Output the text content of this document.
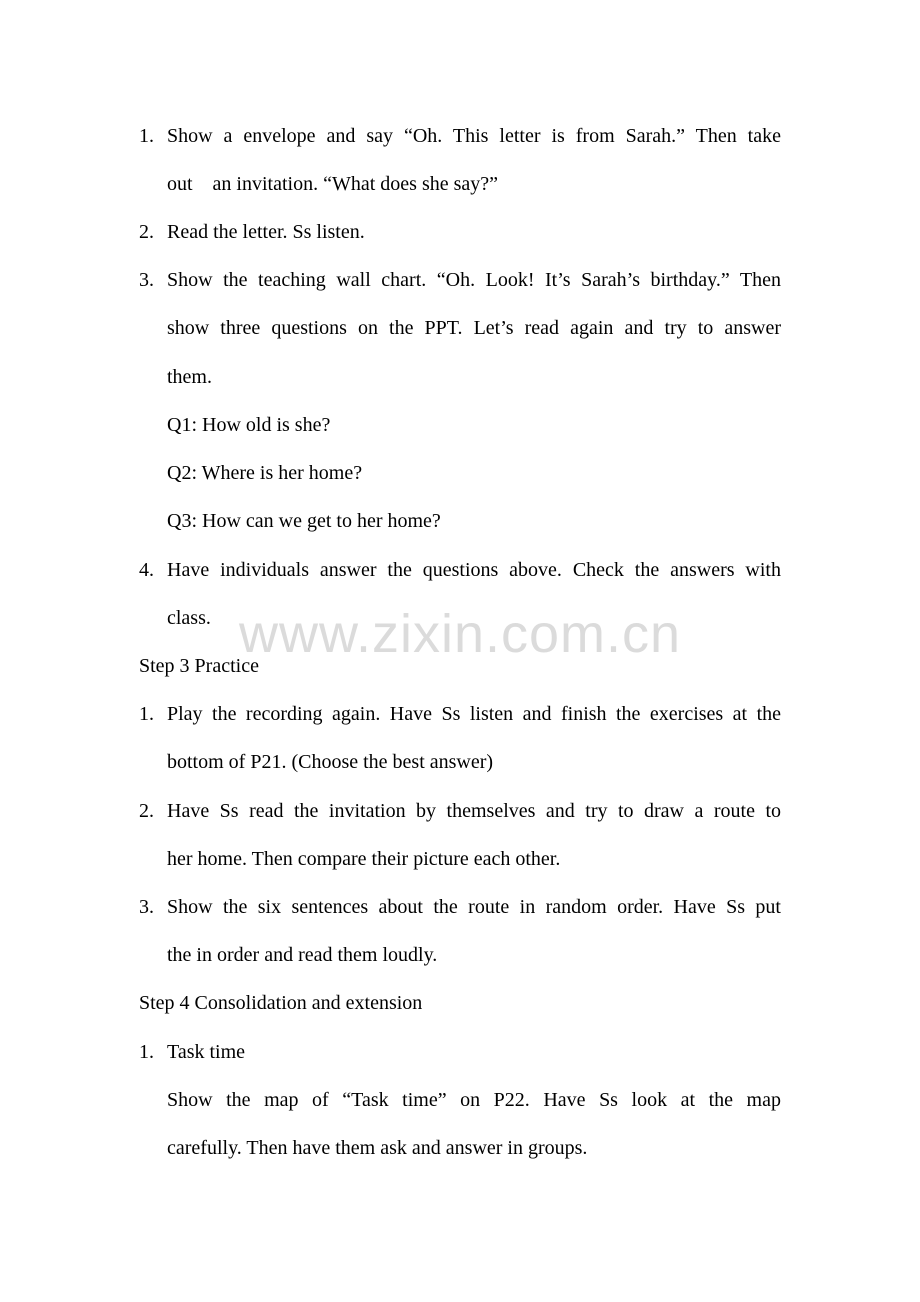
1. Show a envelope and say “Oh. This letter is from Sarah.” Then take
out    an invitation. “What does she say?”
2. Read the letter. Ss listen.
3. Show the teaching wall chart. “Oh. Look! It’s Sarah’s birthday.” Then
show three questions on the PPT. Let’s read again and try to answer
them.
Q1: How old is she?
Q2: Where is her home?
Q3: How can we get to her home?
4. Have individuals answer the questions above. Check the answers with
class.
Step 3 Practice
1. Play the recording again. Have Ss listen and finish the exercises at the
bottom of P21. (Choose the best answer)
2. Have Ss read the invitation by themselves and try to draw a route to
her home. Then compare their picture each other.
3. Show the six sentences about the route in random order. Have Ss put
the in order and read them loudly.
Step 4 Consolidation and extension
1. Task time
Show the map of “Task time” on P22. Have Ss look at the map
carefully. Then have them ask and answer in groups.
www.zixin.com.cn
